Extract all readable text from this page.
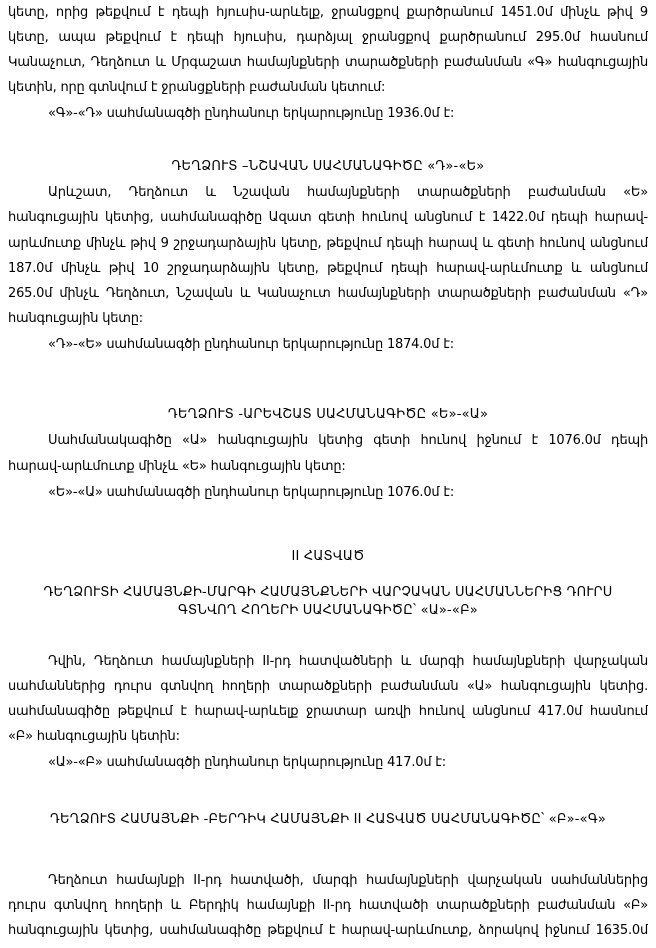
կետը, որից թեքվում է դեպի հյուսիս-արևելք, ջրանցքով քարծրանում 1451.0մ մինչև թիվ 9
կետը, ապա թեքվում է դեպի հյուսիս, դարձյալ ջրանցքով քարծրանում 295.0մ hասնում
Կանաչուտ, Դեղձուտ և Մրգաշատ համայնքների տարածքների բաժանման «Գ» հանգուցային
կետին, որը գտնվում է ջրանցքների բաժանման կետում:
«Գ»-«Դ» սահմանագծի ընդհանուր երկարությունը 1936.0մ է:
ԴԵՂՁՈՒՏ –ՆՇԱՎԱՆ ՍԱՀՄԱՆԱԳԻԾԸ «Դ»-«Ե»
Արևշատ, Դեղձուտ և Նշավան համայնքների տարածքների բաժանման «Ե»
հանգուցային կետից, սահմանագիծը Ազատ գետի հունով անցնում է 1422.0մ դեպի հարավ-
արևմուտք մինչև թիվ 9 շրջադարձային կետը, թեքվում դեպի հարավ և գետի հունով անցնում
187.0մ մինչև թիվ 10 շրջադարձային կետը, թեքվում դեպի հարավ-արևմուտք և անցնում
265.0մ մինչև Դեղձուտ, Նշավան և Կանաչուտ համայնքների տարածքների բաժանման «Դ»
հանգուցային կետը:
«Դ»-«Ե» սահմանագծի ընդհանուր երկարությունը 1874.0մ է:
ԴԵՂՁՈՒՏ -ԱՐԵՎՇԱՏ ՍԱՀՄԱՆԱԳԻԾԸ «Ե»-«Ա»
Սահմանակագիծը «Ա» հանգուցային կետից գետի հունով իջնում է 1076.0մ դեպի
հարավ-արևմուտք մինչև «Ե» հանգուցային կետը:
«Ե»-«Ա» սահմանագծի ընդհանուր երկարությունը 1076.0մ է:
II ՀԱՏՎԱԾ
ԴԵՂՁՈՒՏԻ ՀԱՄԱՅՆՔԻ-ՄԱՐԳԻ ՀԱՄԱՅՆՔՆԵՐԻ ՎԱՐՉԱԿԱՆ ՍԱՀՄԱՆՆԵՐԻՑ ԴՈՒՐՍ
ԳՏՆՎՈՂ ՀՈՂԵՐԻ ՍԱՀՄԱՆԱԳԻԾԸ՝ «Ա»-«Բ»
Դվին, Դեղձուտ համայնքների II-րդ հատվածների և մարգի համայնքների վարչական
սահմաններից դուրս գտնվող հողերի տարածքների բաժանման «Ա» հանգուցային կետից.
սահմանագիծը թեքվում է հարավ-արևելք ջրատար առվի հունով անցնում 417.0մ հասնում
«Բ» հանգուցային կետին:
«Ա»-«Բ» սահմանագծի ընդհանուր երկարությունը 417.0մ է:
ԴԵՂՁՈՒՏ ՀԱՄԱՅՆՔԻ -ԲԵՐԴԻԿ ՀԱՄԱՅՆՔԻ II ՀԱՏՎԱԾ ՍԱՀՄԱՆԱԳԻԾԸ՝ «Բ»-«Գ»
Դեղձուտ համայնքի II-րդ հատվածի, մարգի համայնքների վարչական սահմաններից
դուրս գտնվող հողերի և Բերդիկ համայնքի II-րդ հատվածի տարածքների բաժանման «Բ»
հանգուցային կետից, սահմանագիծը թեքվում է հարավ-արևմուտք, ձորակով իջնում 1635.0մ
